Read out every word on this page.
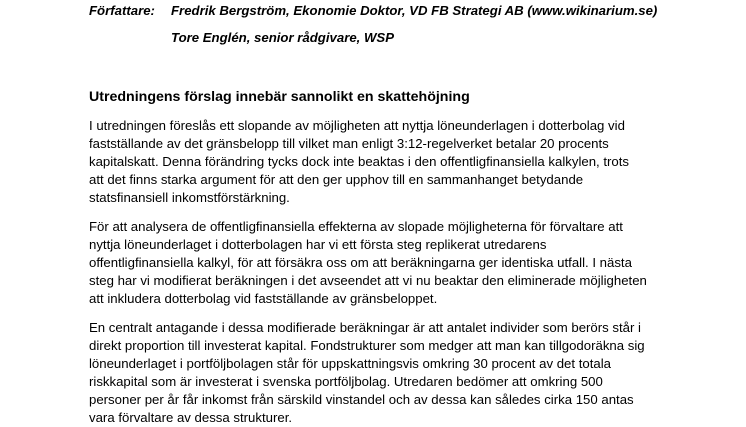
Författare: Fredrik Bergström, Ekonomie Doktor, VD FB Strategi AB (www.wikinarium.se)
Tore Englén, senior rådgivare, WSP
Utredningens förslag innebär sannolikt en skattehöjning
I utredningen föreslås ett slopande av möjligheten att nyttja löneunderlagen i dotterbolag vid
fastställande av det gränsbelopp till vilket man enligt 3:12-regelverket betalar 20 procents
kapitalskatt. Denna förändring tycks dock inte beaktas i den offentligfinansiella kalkylen, trots
att det finns starka argument för att den ger upphov till en sammanhanget betydande
statsfinansiell inkomstförstärkning.
För att analysera de offentligfinansiella effekterna av slopade möjligheterna för förvaltare att
nyttja löneunderlaget i dotterbolagen har vi ett första steg replikerat utredarens
offentligfinansiella kalkyl, för att försäkra oss om att beräkningarna ger identiska utfall. I nästa
steg har vi modifierat beräkningen i det avseendet att vi nu beaktar den eliminerade möjligheten
att inkludera dotterbolag vid fastställande av gränsbeloppet.
En centralt antagande i dessa modifierade beräkningar är att antalet individer som berörs står i
direkt proportion till investerat kapital. Fondstrukturer som medger att man kan tillgodoräkna sig
löneunderlaget i portföljbolagen står för uppskattningsvis omkring 30 procent av det totala
riskkapital som är investerat i svenska portföljbolag. Utredaren bedömer att omkring 500
personer per år får inkomst från särskild vinstandel och av dessa kan således cirka 150 antas
vara förvaltare av dessa strukturer.
